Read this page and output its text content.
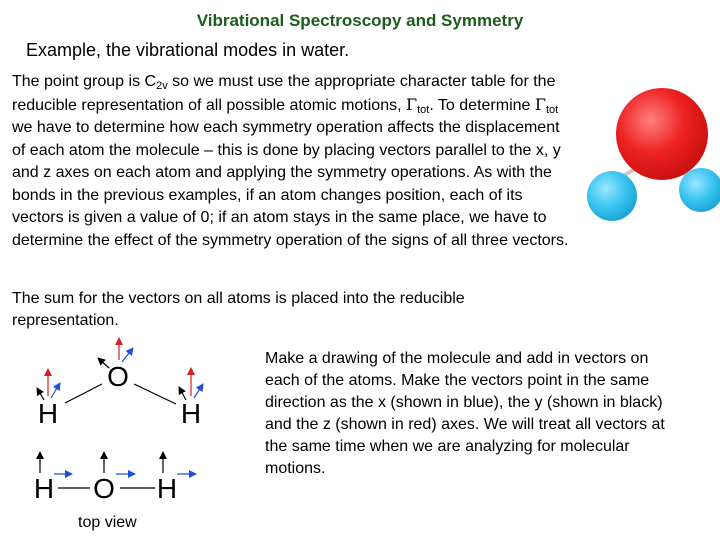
Vibrational Spectroscopy and Symmetry
Example, the vibrational modes in water.
The point group is $C_{2v}$ so we must use the appropriate character table for the reducible representation of all possible atomic motions, $\Gamma_{tot}$. To determine $\Gamma_{tot}$ we have to determine how each symmetry operation affects the displacement of each atom the molecule – this is done by placing vectors parallel to the x, y and z axes on each atom and applying the symmetry operations. As with the bonds in the previous examples, if an atom changes position, each of its vectors is given a value of 0; if an atom stays in the same place, we have to determine the effect of the symmetry operation of the signs of all three vectors.
The sum for the vectors on all atoms is placed into the reducible representation.
Make a drawing of the molecule and add in vectors on each of the atoms. Make the vectors point in the same direction as the x (shown in blue), the y (shown in black) and the z (shown in red) axes. We will treat all vectors at the same time when we are analyzing for molecular motions.
O
H	H
H O H
top view
